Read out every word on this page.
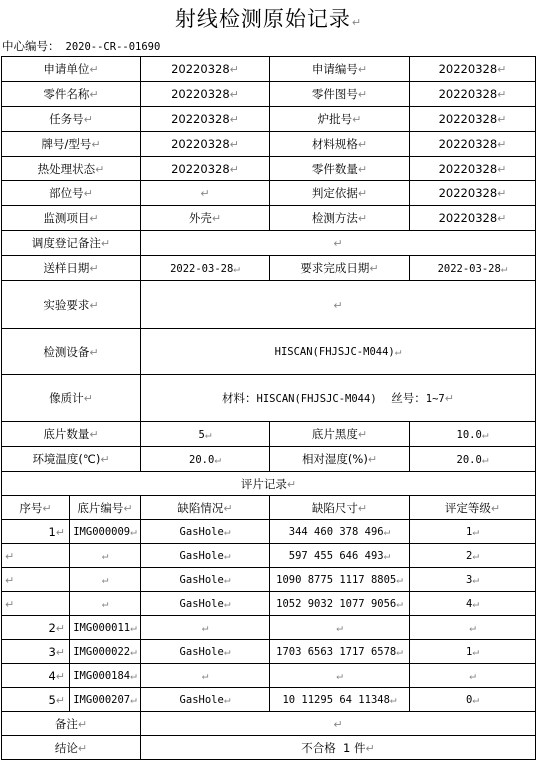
射线检测原始记录↵
中心编号： 2020--CR--01690
申请单位↵		20220328↵	申请编号↵	20220328↵
零件名称↵		20220328↵	零件图号↵	20220328↵
任务号↵		20220328↵	炉批号↵	20220328↵
牌号/型号↵		20220328↵	材料规格↵	20220328↵
热处理状态↵		20220328↵	零件数量↵	20220328↵
部位号↵		↵	判定依据↵	20220328↵
监测项目↵		外壳↵	检测方法↵	20220328↵
调度登记备注↵		↵		
送样日期↵		2022-03-28↵	要求完成日期↵	2022-03-28↵
实验要求↵		↵		
检测设备↵		HISCAN(FHJSJC-M044)↵		
像质计↵		材料：HISCAN(FHJSJC-M044) 丝号：1~7↵		
底片数量↵		5↵	底片黑度↵	10.0↵
环境温度(℃)↵		20.0↵	相对湿度(%)↵	20.0↵
评片记录↵				
序号↵	底片编号↵	缺陷情况↵	缺陷尺寸↵	评定等级↵
1↵	IMG000009↵	GasHole↵	344 460 378 496↵	1↵
↵	↵	GasHole↵	597 455 646 493↵	2↵
↵	↵	GasHole↵	1090 8775 1117 8805↵	3↵
↵	↵	GasHole↵	1052 9032 1077 9056↵	4↵
2↵	IMG000011↵	↵	↵	↵
3↵	IMG000022↵	GasHole↵	1703 6563 1717 6578↵	1↵
4↵	IMG000184↵	↵	↵	↵
5↵	IMG000207↵	GasHole↵	10 11295 64 11348↵	0↵
备注↵		↵		
结论↵		不合格  1 件↵		
